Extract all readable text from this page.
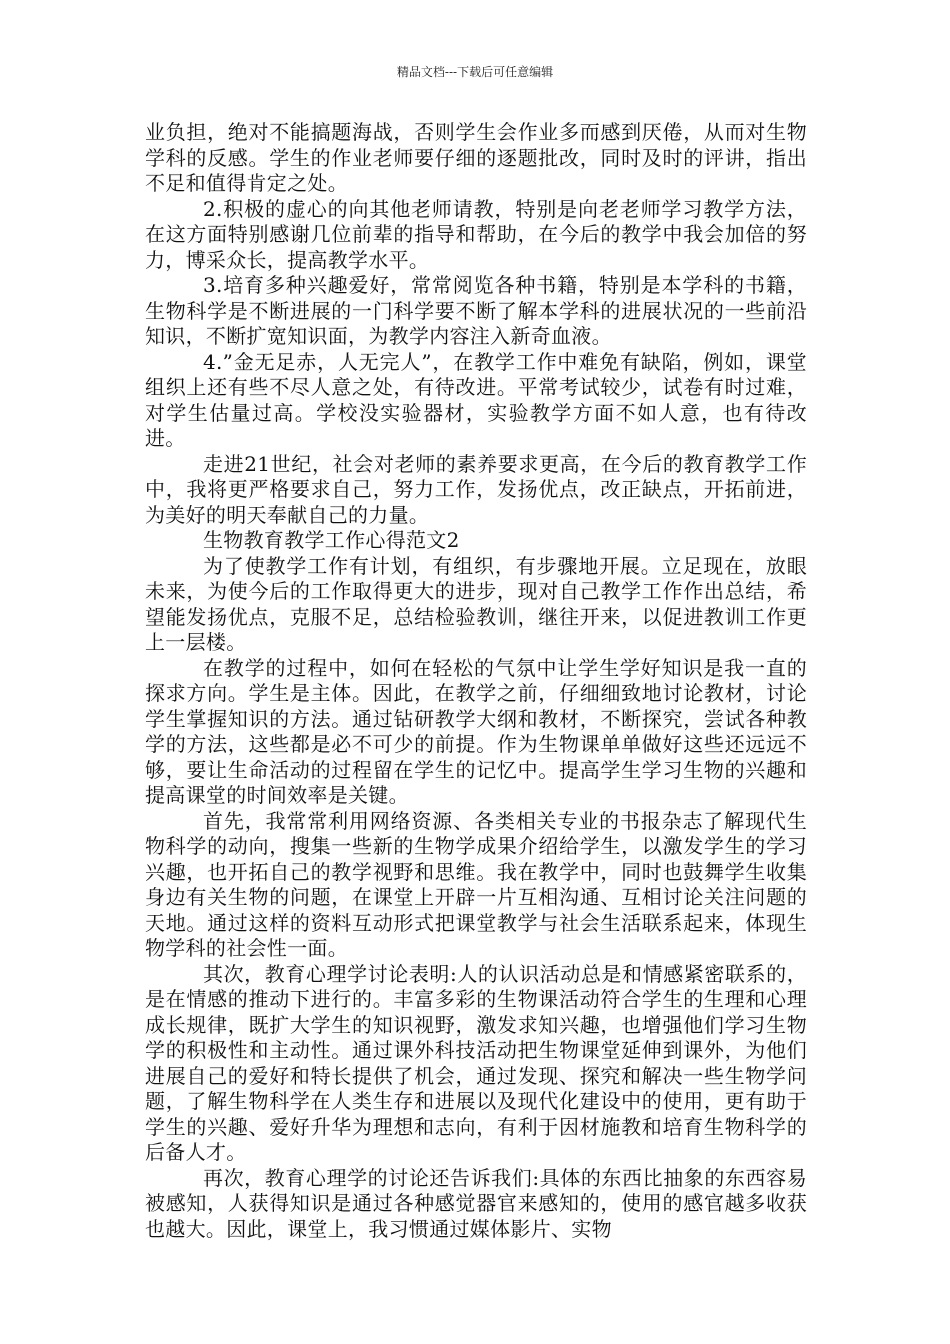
精品文档---下载后可任意编辑

业负担，绝对不能搞题海战，否则学生会作业多而感到厌倦，从而对生物学科的反感。学生的作业老师要仔细的逐题批改，同时及时的评讲，指出不足和值得肯定之处。

2.积极的虚心的向其他老师请教，特别是向老老师学习教学方法，在这方面特别感谢几位前辈的指导和帮助，在今后的教学中我会加倍的努力，博采众长，提高教学水平。

3.培育多种兴趣爱好，常常阅览各种书籍，特别是本学科的书籍，生物科学是不断进展的一门科学要不断了解本学科的进展状况的一些前沿知识，不断扩宽知识面，为教学内容注入新奇血液。

4.”金无足赤，人无完人”，在教学工作中难免有缺陷，例如，课堂组织上还有些不尽人意之处，有待改进。平常考试较少，试卷有时过难，对学生估量过高。学校没实验器材，实验教学方面不如人意，也有待改进。

走进21世纪，社会对老师的素养要求更高，在今后的教育教学工作中，我将更严格要求自己，努力工作，发扬优点，改正缺点，开拓前进，为美好的明天奉献自己的力量。

生物教育教学工作心得范文2

为了使教学工作有计划，有组织，有步骤地开展。立足现在，放眼未来，为使今后的工作取得更大的进步，现对自己教学工作作出总结，希望能发扬优点，克服不足，总结检验教训，继往开来，以促进教训工作更上一层楼。

在教学的过程中，如何在轻松的气氛中让学生学好知识是我一直的探求方向。学生是主体。因此，在教学之前，仔细细致地讨论教材，讨论学生掌握知识的方法。通过钻研教学大纲和教材，不断探究，尝试各种教学的方法，这些都是必不可少的前提。作为生物课单单做好这些还远远不够，要让生命活动的过程留在学生的记忆中。提高学生学习生物的兴趣和提高课堂的时间效率是关键。

首先，我常常利用网络资源、各类相关专业的书报杂志了解现代生物科学的动向，搜集一些新的生物学成果介绍给学生，以激发学生的学习兴趣，也开拓自己的教学视野和思维。我在教学中，同时也鼓舞学生收集身边有关生物的问题，在课堂上开辟一片互相沟通、互相讨论关注问题的天地。通过这样的资料互动形式把课堂教学与社会生活联系起来，体现生物学科的社会性一面。

其次，教育心理学讨论表明:人的认识活动总是和情感紧密联系的，是在情感的推动下进行的。丰富多彩的生物课活动符合学生的生理和心理成长规律，既扩大学生的知识视野，激发求知兴趣，也增强他们学习生物学的积极性和主动性。通过课外科技活动把生物课堂延伸到课外，为他们进展自己的爱好和特长提供了机会，通过发现、探究和解决一些生物学问题，了解生物科学在人类生存和进展以及现代化建设中的使用，更有助于学生的兴趣、爱好升华为理想和志向，有利于因材施教和培育生物科学的后备人才。

再次，教育心理学的讨论还告诉我们:具体的东西比抽象的东西容易被感知，人获得知识是通过各种感觉器官来感知的，使用的感官越多收获也越大。因此，课堂上，我习惯通过媒体影片、实物
